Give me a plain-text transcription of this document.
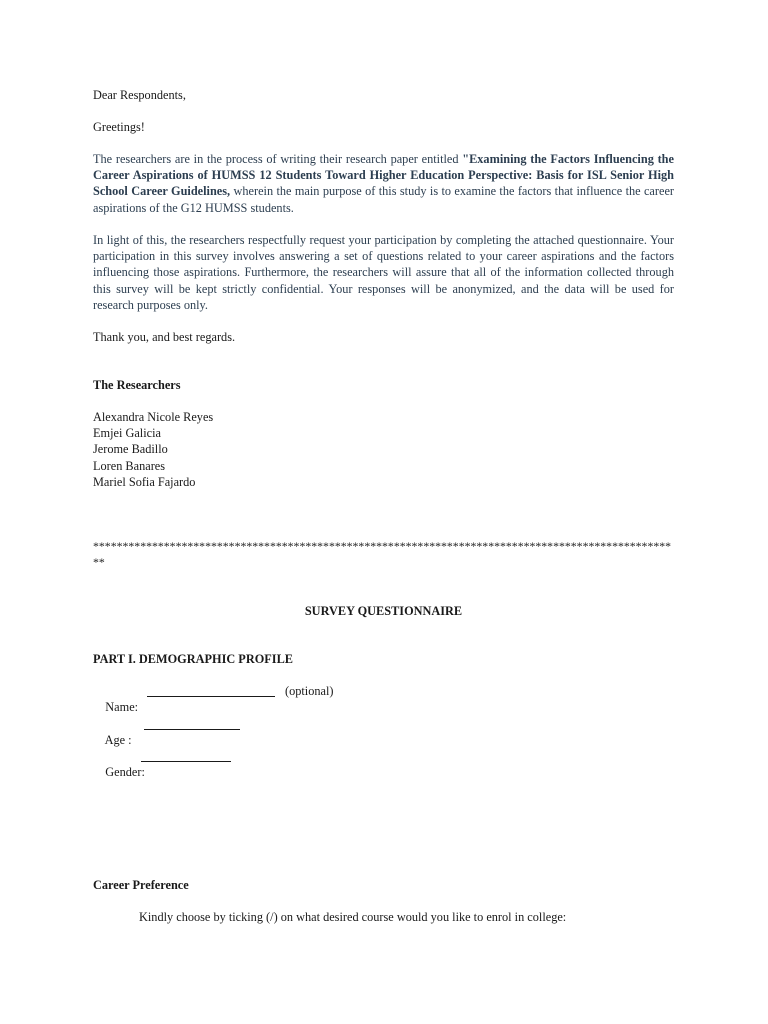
Dear Respondents,

Greetings!

The researchers are in the process of writing their research paper entitled "Examining the Factors Influencing the Career Aspirations of HUMSS 12 Students Toward Higher Education Perspective: Basis for ISL Senior High School Career Guidelines, wherein the main purpose of this study is to examine the factors that influence the career aspirations of the G12 HUMSS students.

In light of this, the researchers respectfully request your participation by completing the attached questionnaire. Your participation in this survey involves answering a set of questions related to your career aspirations and the factors influencing those aspirations. Furthermore, the researchers will assure that all of the information collected through this survey will be kept strictly confidential. Your responses will be anonymized, and the data will be used for research purposes only.

Thank you, and best regards.

The Researchers

Alexandra Nicole Reyes
Emjei Galicia
Jerome Badillo
Loren Banares
Mariel Sofia Fajardo

****************************************************************************************************

SURVEY QUESTIONNAIRE

PART I. DEMOGRAPHIC PROFILE

Name:

(optional)

Age :

Gender:

Career Preference

Kindly choose by ticking (/) on what desired course would you like to enrol in college:
